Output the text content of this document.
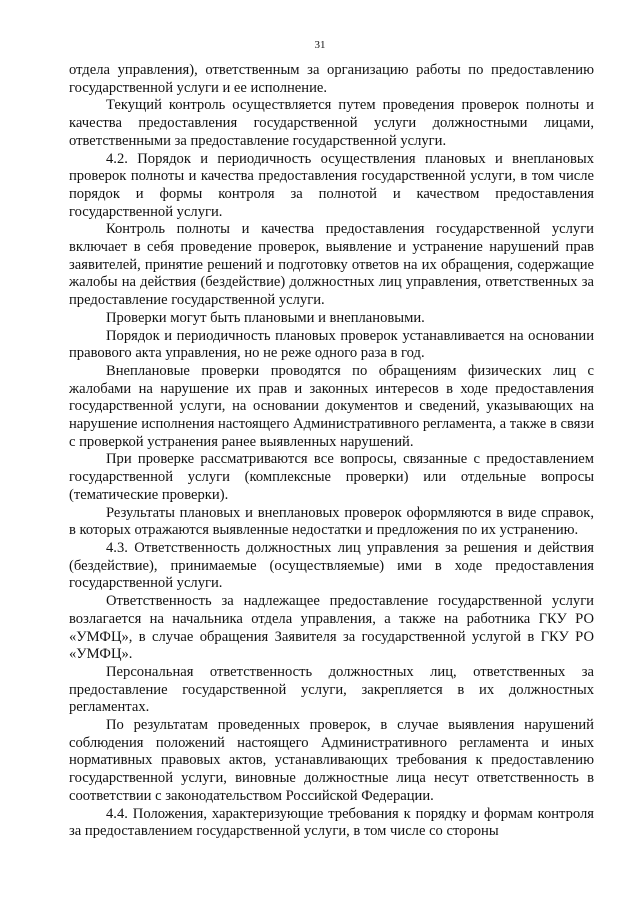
31

отдела управления), ответственным за организацию работы по предоставлению государственной услуги и ее исполнение.

Текущий контроль осуществляется путем проведения проверок полноты и качества предоставления государственной услуги должностными лицами, ответственными за предоставление государственной услуги.

4.2. Порядок и периодичность осуществления плановых и внеплановых проверок полноты и качества предоставления государственной услуги, в том числе порядок и формы контроля за полнотой и качеством предоставления государственной услуги.

Контроль полноты и качества предоставления государственной услуги включает в себя проведение проверок, выявление и устранение нарушений прав заявителей, принятие решений и подготовку ответов на их обращения, содержащие жалобы на действия (бездействие) должностных лиц управления, ответственных за предоставление государственной услуги.

Проверки могут быть плановыми и внеплановыми.

Порядок и периодичность плановых проверок устанавливается на основании правового акта управления, но не реже одного раза в год.

Внеплановые проверки проводятся по обращениям физических лиц с жалобами на нарушение их прав и законных интересов в ходе предоставления государственной услуги, на основании документов и сведений, указывающих на нарушение исполнения настоящего Административного регламента, а также в связи с проверкой устранения ранее выявленных нарушений.

При проверке рассматриваются все вопросы, связанные с предоставлением государственной услуги (комплексные проверки) или отдельные вопросы (тематические проверки).

Результаты плановых и внеплановых проверок оформляются в виде справок, в которых отражаются выявленные недостатки и предложения по их устранению.

4.3. Ответственность должностных лиц управления за решения и действия (бездействие), принимаемые (осуществляемые) ими в ходе предоставления государственной услуги.

Ответственность за надлежащее предоставление государственной услуги возлагается на начальника отдела управления, а также на работника ГКУ РО «УМФЦ», в случае обращения Заявителя за государственной услугой в ГКУ РО «УМФЦ».

Персональная ответственность должностных лиц, ответственных за предоставление государственной услуги, закрепляется в их должностных регламентах.

По результатам проведенных проверок, в случае выявления нарушений соблюдения положений настоящего Административного регламента и иных нормативных правовых актов, устанавливающих требования к предоставлению государственной услуги, виновные должностные лица несут ответственность в соответствии с законодательством Российской Федерации.

4.4. Положения, характеризующие требования к порядку и формам контроля за предоставлением государственной услуги, в том числе со стороны
